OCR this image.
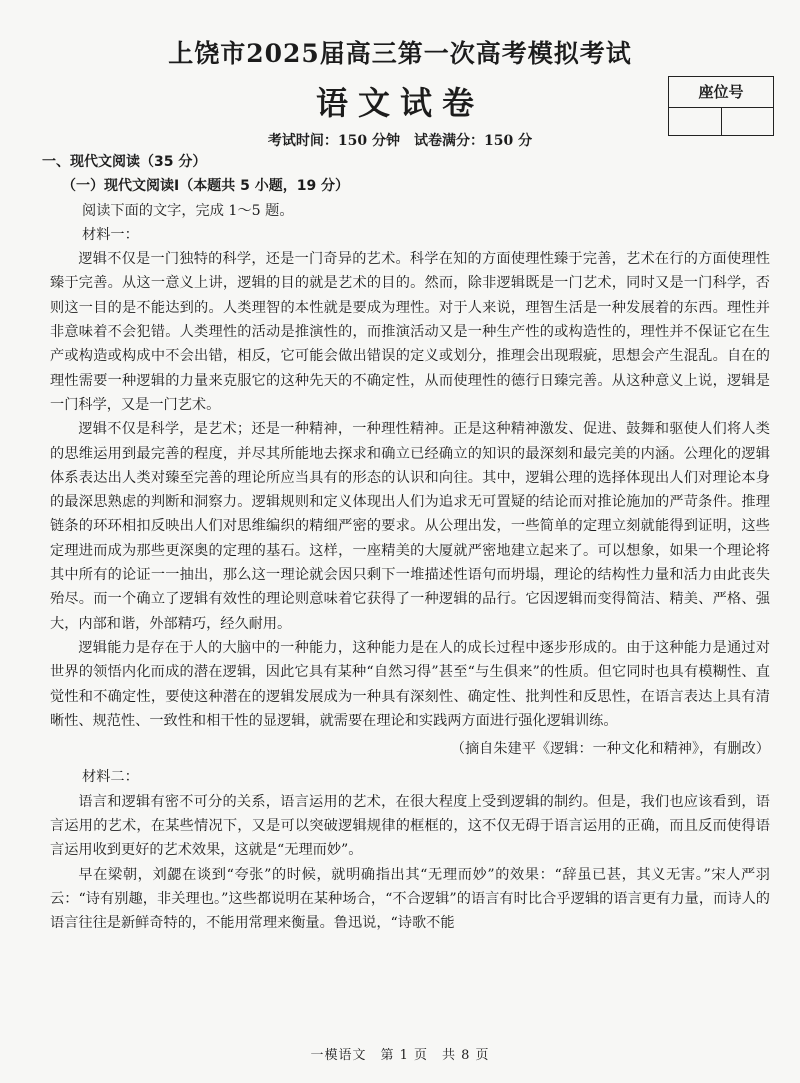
上饶市2025届高三第一次高考模拟考试
语文试卷	座位号
考试时间：150 分钟　试卷满分：150 分

一、现代文阅读（35 分）

（一）现代文阅读Ⅰ（本题共 5 小题，19 分）

阅读下面的文字，完成 1～5 题。

材料一：

逻辑不仅是一门独特的科学，还是一门奇异的艺术。科学在知的方面使理性臻于完善，艺术在行的方面使理性臻于完善。从这一意义上讲，逻辑的目的就是艺术的目的。然而，除非逻辑既是一门艺术，同时又是一门科学，否则这一目的是不能达到的。人类理智的本性就是要成为理性。对于人来说，理智生活是一种发展着的东西。理性并非意味着不会犯错。人类理性的活动是推演性的，而推演活动又是一种生产性的或构造性的，理性并不保证它在生产或构造或构成中不会出错，相反，它可能会做出错误的定义或划分，推理会出现瑕疵，思想会产生混乱。自在的理性需要一种逻辑的力量来克服它的这种先天的不确定性，从而使理性的德行日臻完善。从这种意义上说，逻辑是一门科学，又是一门艺术。

逻辑不仅是科学，是艺术；还是一种精神，一种理性精神。正是这种精神激发、促进、鼓舞和驱使人们将人类的思维运用到最完善的程度，并尽其所能地去探求和确立已经确立的知识的最深刻和最完美的内涵。公理化的逻辑体系表达出人类对臻至完善的理论所应当具有的形态的认识和向往。其中，逻辑公理的选择体现出人们对理论本身的最深思熟虑的判断和洞察力。逻辑规则和定义体现出人们为追求无可置疑的结论而对推论施加的严苛条件。推理链条的环环相扣反映出人们对思维编织的精细严密的要求。从公理出发，一些简单的定理立刻就能得到证明，这些定理进而成为那些更深奥的定理的基石。这样，一座精美的大厦就严密地建立起来了。可以想象，如果一个理论将其中所有的论证一一抽出，那么这一理论就会因只剩下一堆描述性语句而坍塌，理论的结构性力量和活力由此丧失殆尽。而一个确立了逻辑有效性的理论则意味着它获得了一种逻辑的品行。它因逻辑而变得简洁、精美、严格、强大，内部和谐，外部精巧，经久耐用。

逻辑能力是存在于人的大脑中的一种能力，这种能力是在人的成长过程中逐步形成的。由于这种能力是通过对世界的领悟内化而成的潜在逻辑，因此它具有某种“自然习得”甚至“与生俱来”的性质。但它同时也具有模糊性、直觉性和不确定性，要使这种潜在的逻辑发展成为一种具有深刻性、确定性、批判性和反思性，在语言表达上具有清晰性、规范性、一致性和相干性的显逻辑，就需要在理论和实践两方面进行强化逻辑训练。

（摘自朱建平《逻辑：一种文化和精神》，有删改）

材料二：

语言和逻辑有密不可分的关系，语言运用的艺术，在很大程度上受到逻辑的制约。但是，我们也应该看到，语言运用的艺术，在某些情况下，又是可以突破逻辑规律的框框的，这不仅无碍于语言运用的正确，而且反而使得语言运用收到更好的艺术效果，这就是“无理而妙”。

早在梁朝，刘勰在谈到“夸张”的时候，就明确指出其“无理而妙”的效果：“辞虽已甚，其义无害。”宋人严羽云：“诗有别趣，非关理也。”这些都说明在某种场合，“不合逻辑”的语言有时比合乎逻辑的语言更有力量，而诗人的语言往往是新鲜奇特的，不能用常理来衡量。鲁迅说，“诗歌不能

一模语文　第 1 页　共 8 页
